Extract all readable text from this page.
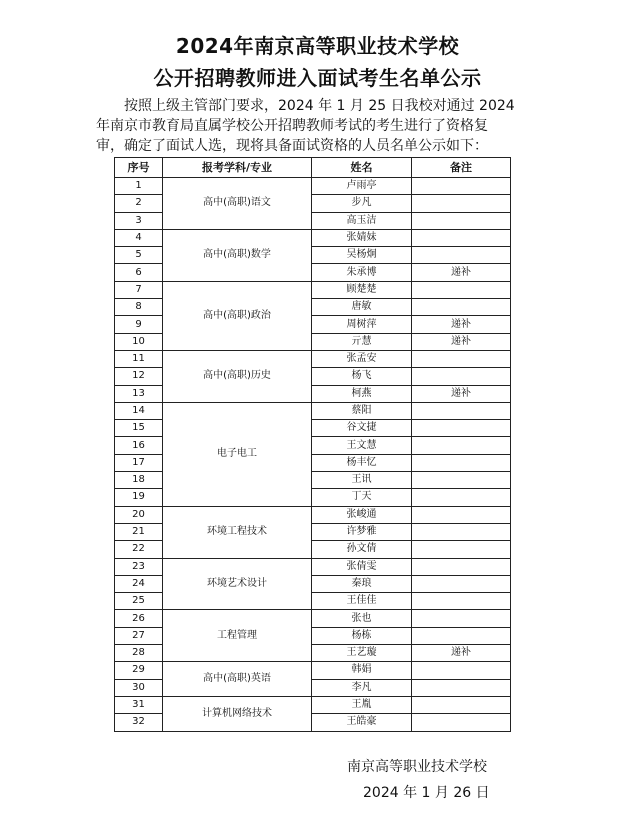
2024年南京高等职业技术学校
公开招聘教师进入面试考生名单公示

按照上级主管部门要求，2024 年 1 月 25 日我校对通过 2024

年南京市教育局直属学校公开招聘教师考试的考生进行了资格复

审，确定了面试人选，现将具备面试资格的人员名单公示如下：

序号	报考学科/专业	姓名	备注
1	高中(高职)语文	卢雨亭	
2		步凡	
3		高玉洁	
4	高中(高职)数学	张婧妹	
5		吴杨炯	
6		朱承博	递补
7	高中(高职)政治	顾楚楚	
8		唐敏	
9		周树萍	递补
10		亓慧	递补
11	高中(高职)历史	张孟安	
12		杨飞	
13		柯燕	递补
14	电子电工	蔡阳	
15		谷文捷	
16		王文慧	
17		杨丰忆	
18		王讯	
19		丁天	
20	环境工程技术	张峻通	
21		许梦雅	
22		孙文倩	
23	环境艺术设计	张倩雯	
24		秦琅	
25		王佳佳	
26	工程管理	张也	
27		杨栋	
28		王艺璇	递补
29	高中(高职)英语	韩娟	
30		李凡	
31	计算机网络技术	王胤	
32		王皓豪	
南京高等职业技术学校
2024 年 1 月 26 日
